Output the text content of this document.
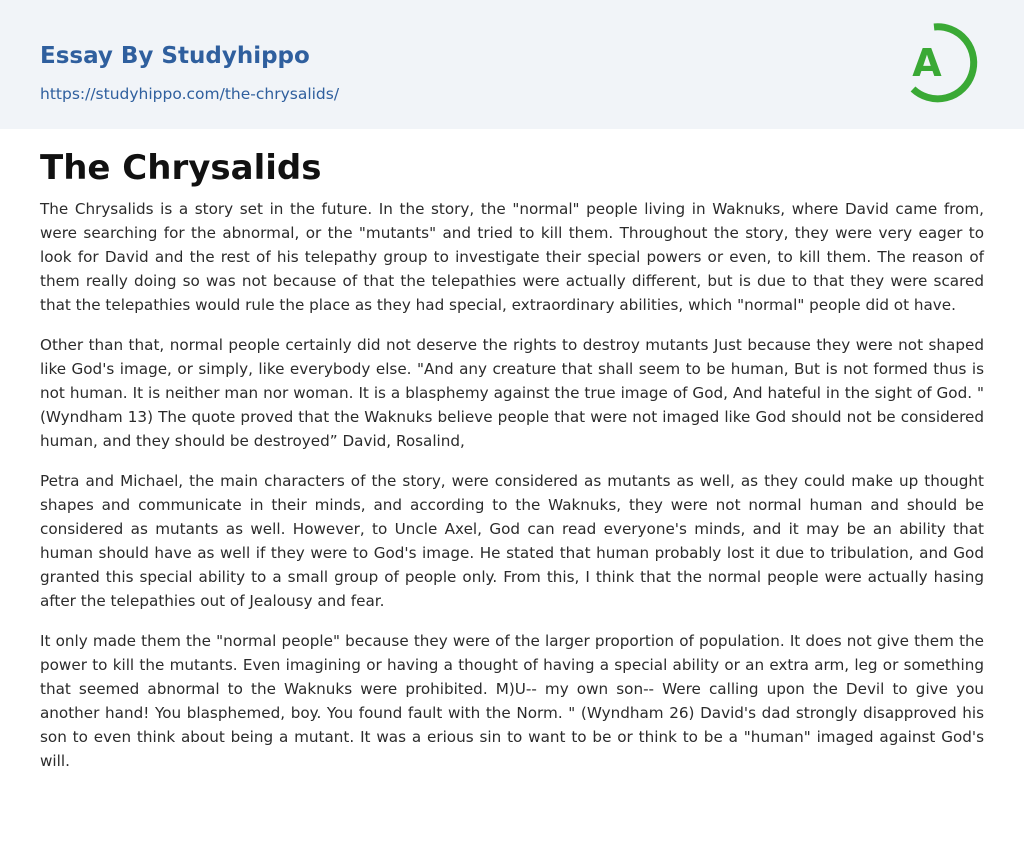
Essay By Studyhippo
https://studyhippo.com/the-chrysalids/
A
The Chrysalids

The Chrysalids is a story set in the future. In the story, the "normal" people living in Waknuks, where David came from, were searching for the abnormal, or the "mutants" and tried to kill them. Throughout the story, they were very eager to look for David and the rest of his telepathy group to investigate their special powers or even, to kill them. The reason of them really doing so was not because of that the telepathies were actually different, but is due to that they were scared that the telepathies would rule the place as they had special, extraordinary abilities, which "normal" people did ot have.

Other than that, normal people certainly did not deserve the rights to destroy mutants Just because they were not shaped like God's image, or simply, like everybody else. "And any creature that shall seem to be human, But is not formed thus is not human. It is neither man nor woman. It is a blasphemy against the true image of God, And hateful in the sight of God. " (Wyndham 13) The quote proved that the Waknuks believe people that were not imaged like God should not be considered human, and they should be destroyed” David, Rosalind,

Petra and Michael, the main characters of the story, were considered as mutants as well, as they could make up thought shapes and communicate in their minds, and according to the Waknuks, they were not normal human and should be considered as mutants as well. However, to Uncle Axel, God can read everyone's minds, and it may be an ability that human should have as well if they were to God's image. He stated that human probably lost it due to tribulation, and God granted this special ability to a small group of people only. From this, I think that the normal people were actually hasing after the telepathies out of Jealousy and fear.

It only made them the "normal people" because they were of the larger proportion of population. It does not give them the power to kill the mutants. Even imagining or having a thought of having a special ability or an extra arm, leg or something that seemed abnormal to the Waknuks were prohibited. M)U-- my own son-- Were calling upon the Devil to give you another hand! You blasphemed, boy. You found fault with the Norm. " (Wyndham 26) David's dad strongly disapproved his son to even think about being a mutant. It was a erious sin to want to be or think to be a "human" imaged against God's will.
